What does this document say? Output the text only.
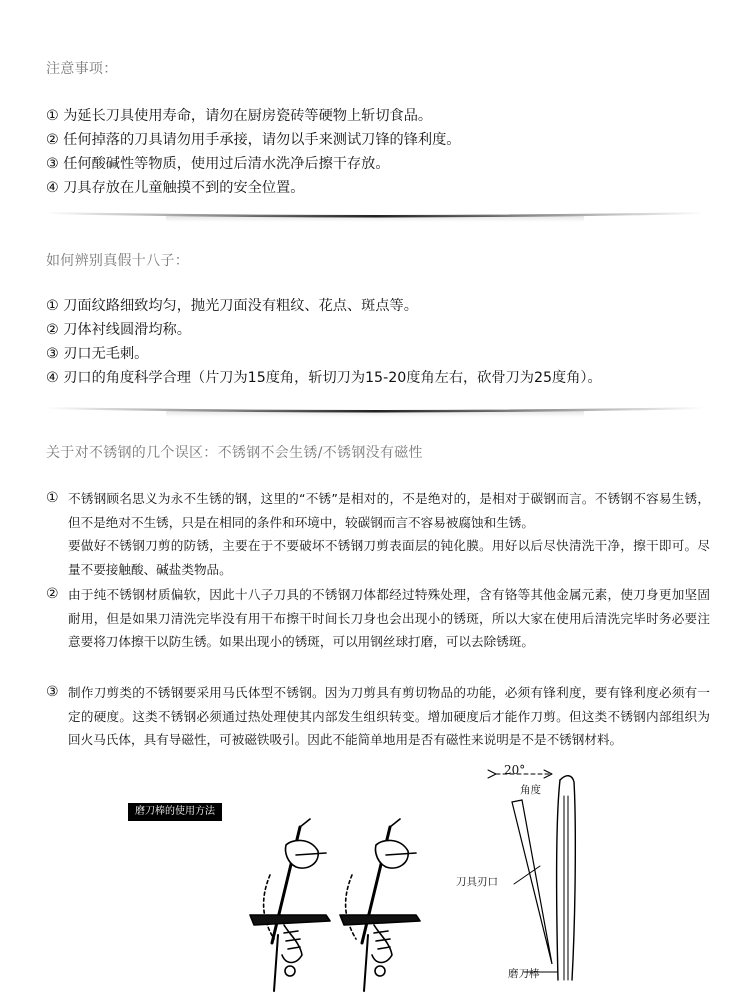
注意事项：
① 为延长刀具使用寿命，请勿在厨房瓷砖等硬物上斩切食品。
② 任何掉落的刀具请勿用手承接，请勿以手来测试刀锋的锋利度。
③ 任何酸碱性等物质，使用过后清水洗净后擦干存放。
④ 刀具存放在儿童触摸不到的安全位置。
如何辨别真假十八子：
① 刀面纹路细致均匀，抛光刀面没有粗纹、花点、斑点等。
② 刀体衬线圆滑均称。
③ 刃口无毛刺。
④ 刃口的角度科学合理（片刀为15度角，斩切刀为15-20度角左右，砍骨刀为25度角）。
关于对不锈钢的几个误区：不锈钢不会生锈/不锈钢没有磁性
① 不锈钢顾名思义为永不生锈的钢，这里的“不锈”是相对的，不是绝对的，是相对于碳钢而言。不锈钢不容易生锈，但不是绝对不生锈，只是在相同的条件和环境中，较碳钢而言不容易被腐蚀和生锈。
要做好不锈钢刀剪的防锈，主要在于不要破坏不锈钢刀剪表面层的钝化膜。用好以后尽快清洗干净，擦干即可。尽量不要接触酸、碱盐类物品。
② 由于纯不锈钢材质偏软，因此十八子刀具的不锈钢刀体都经过特殊处理，含有铬等其他金属元素，使刀身更加坚固耐用，但是如果刀清洗完毕没有用干布擦干时间长刀身也会出现小的锈斑，所以大家在使用后清洗完毕时务必要注意要将刀体擦干以防生锈。如果出现小的锈斑，可以用钢丝球打磨，可以去除锈斑。
③ 制作刀剪类的不锈钢要采用马氏体型不锈钢。因为刀剪具有剪切物品的功能，必须有锋利度，要有锋利度必须有一定的硬度。这类不锈钢必须通过热处理使其内部发生组织转变。增加硬度后才能作刀剪。但这类不锈钢内部组织为回火马氏体，具有导磁性，可被磁铁吸引。因此不能简单地用是否有磁性来说明是不是不锈钢材料。
磨刀棒的使用方法
20°
角度
刀具刃口
磨刀棒
